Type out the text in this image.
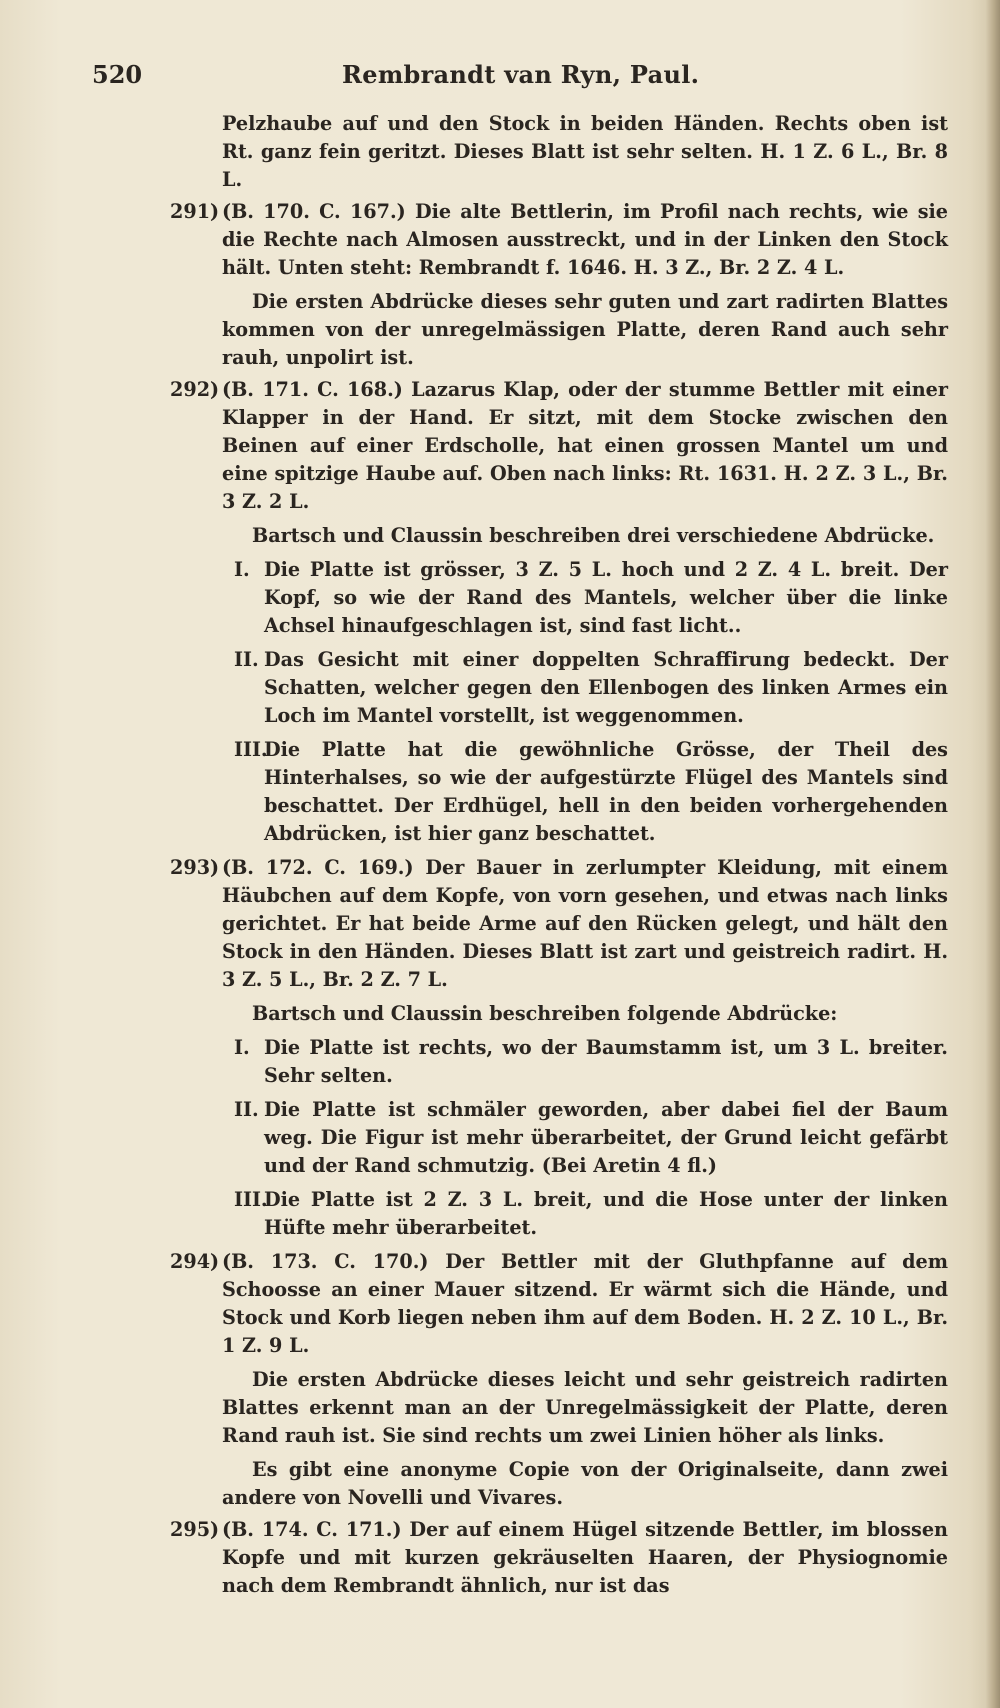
520	Rembrandt van Ryn, Paul.

Pelzhaube auf und den Stock in beiden Händen. Rechts oben ist Rt. ganz fein geritzt. Dieses Blatt ist sehr selten. H. 1 Z. 6 L., Br. 8 L.

291) (B. 170. C. 167.) Die alte Bettlerin, im Profil nach rechts, wie sie die Rechte nach Almosen ausstreckt, und in der Linken den Stock hält. Unten steht: Rembrandt f. 1646. H. 3 Z., Br. 2 Z. 4 L.
Die ersten Abdrücke dieses sehr guten und zart radirten Blattes kommen von der unregelmässigen Platte, deren Rand auch sehr rauh, unpolirt ist.
292) (B. 171. C. 168.) Lazarus Klap, oder der stumme Bettler mit einer Klapper in der Hand. Er sitzt, mit dem Stocke zwischen den Beinen auf einer Erdscholle, hat einen grossen Mantel um und eine spitzige Haube auf. Oben nach links: Rt. 1631. H. 2 Z. 3 L., Br. 3 Z. 2 L.
Bartsch und Claussin beschreiben drei verschiedene Abdrücke.
I. Die Platte ist grösser, 3 Z. 5 L. hoch und 2 Z. 4 L. breit. Der Kopf, so wie der Rand des Mantels, welcher über die linke Achsel hinaufgeschlagen ist, sind fast licht..
II. Das Gesicht mit einer doppelten Schraffirung bedeckt. Der Schatten, welcher gegen den Ellenbogen des linken Armes ein Loch im Mantel vorstellt, ist weggenommen.
III.
Die Platte hat die gewöhnliche Grösse, der Theil des Hinterhalses, so wie der aufgestürzte Flügel des Mantels sind beschattet. Der Erdhügel, hell in den beiden vorhergehenden Abdrücken, ist hier ganz beschattet.
293) (B. 172. C. 169.) Der Bauer in zerlumpter Kleidung, mit einem Häubchen auf dem Kopfe, von vorn gesehen, und etwas nach links gerichtet. Er hat beide Arme auf den Rücken gelegt, und hält den Stock in den Händen. Dieses Blatt ist zart und geistreich radirt. H. 3 Z. 5 L., Br. 2 Z. 7 L.
Bartsch und Claussin beschreiben folgende Abdrücke:
I. Die Platte ist rechts, wo der Baumstamm ist, um 3 L. breiter. Sehr selten.
II. Die Platte ist schmäler geworden, aber dabei fiel der Baum weg. Die Figur ist mehr überarbeitet, der Grund leicht gefärbt und der Rand schmutzig. (Bei Aretin 4 fl.)
III.
Die Platte ist 2 Z. 3 L. breit, und die Hose unter der linken Hüfte mehr überarbeitet.
294) (B. 173. C. 170.) Der Bettler mit der Gluthpfanne auf dem Schoosse an einer Mauer sitzend. Er wärmt sich die Hände, und Stock und Korb liegen neben ihm auf dem Boden. H. 2 Z. 10 L., Br. 1 Z. 9 L.
Die ersten Abdrücke dieses leicht und sehr geistreich radirten Blattes erkennt man an der Unregelmässigkeit der Platte, deren Rand rauh ist. Sie sind rechts um zwei Linien höher als links.
Es gibt eine anonyme Copie von der Originalseite, dann zwei andere von Novelli und Vivares.
295) (B. 174. C. 171.) Der auf einem Hügel sitzende Bettler, im blossen Kopfe und mit kurzen gekräuselten Haaren, der Physiognomie nach dem Rembrandt ähnlich, nur ist das
